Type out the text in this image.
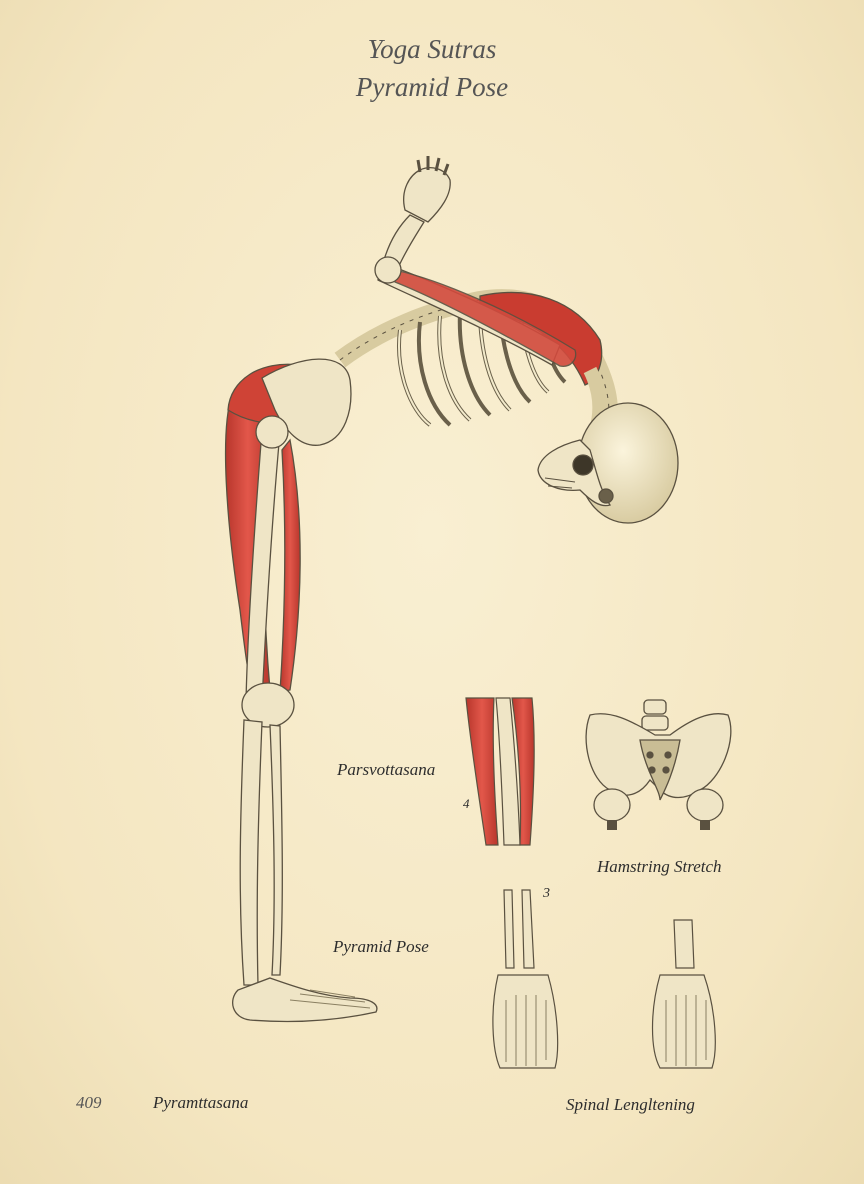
Yoga Sutras
Pyramid Pose
Parsvottasana
4
Hamstring Stretch
3
Pyramid Pose
409	Pyramttasana	Spinal Lengltening
